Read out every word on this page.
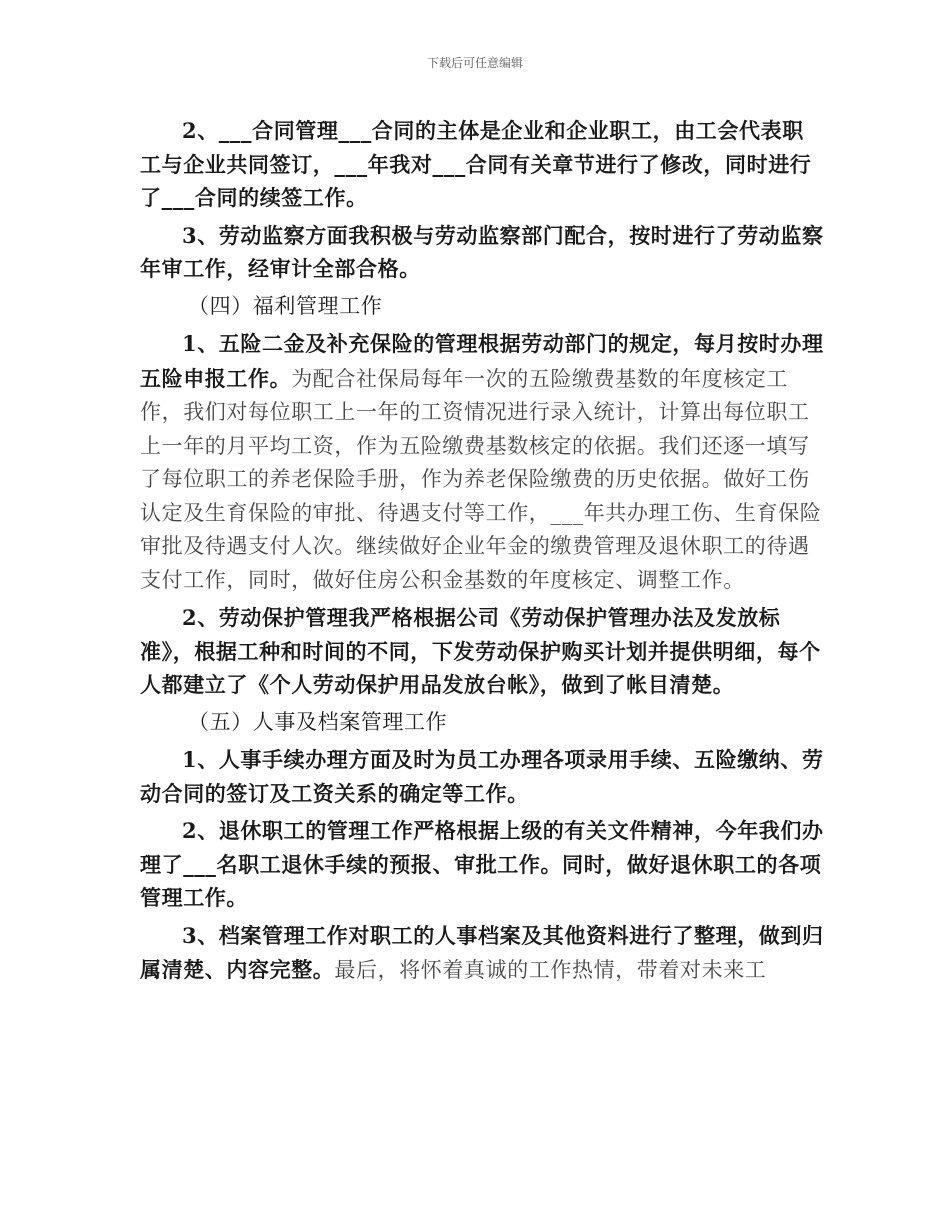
下载后可任意编辑

2、___合同管理___合同的主体是企业和企业职工，由工会代表职工与企业共同签订，___年我对___合同有关章节进行了修改，同时进行了___合同的续签工作。

3、劳动监察方面我积极与劳动监察部门配合，按时进行了劳动监察年审工作，经审计全部合格。

（四）福利管理工作

1、五险二金及补充保险的管理根据劳动部门的规定，每月按时办理五险申报工作。为配合社保局每年一次的五险缴费基数的年度核定工作，我们对每位职工上一年的工资情况进行录入统计，计算出每位职工上一年的月平均工资，作为五险缴费基数核定的依据。我们还逐一填写了每位职工的养老保险手册，作为养老保险缴费的历史依据。做好工伤认定及生育保险的审批、待遇支付等工作，___年共办理工伤、生育保险审批及待遇支付人次。继续做好企业年金的缴费管理及退休职工的待遇支付工作，同时，做好住房公积金基数的年度核定、调整工作。

2、劳动保护管理我严格根据公司《劳动保护管理办法及发放标准》，根据工种和时间的不同，下发劳动保护购买计划并提供明细，每个人都建立了《个人劳动保护用品发放台帐》，做到了帐目清楚。

（五）人事及档案管理工作

1、人事手续办理方面及时为员工办理各项录用手续、五险缴纳、劳动合同的签订及工资关系的确定等工作。

2、退休职工的管理工作严格根据上级的有关文件精神，今年我们办理了___名职工退休手续的预报、审批工作。同时，做好退休职工的各项管理工作。

3、档案管理工作对职工的人事档案及其他资料进行了整理，做到归属清楚、内容完整。最后，将怀着真诚的工作热情，带着对未来工
